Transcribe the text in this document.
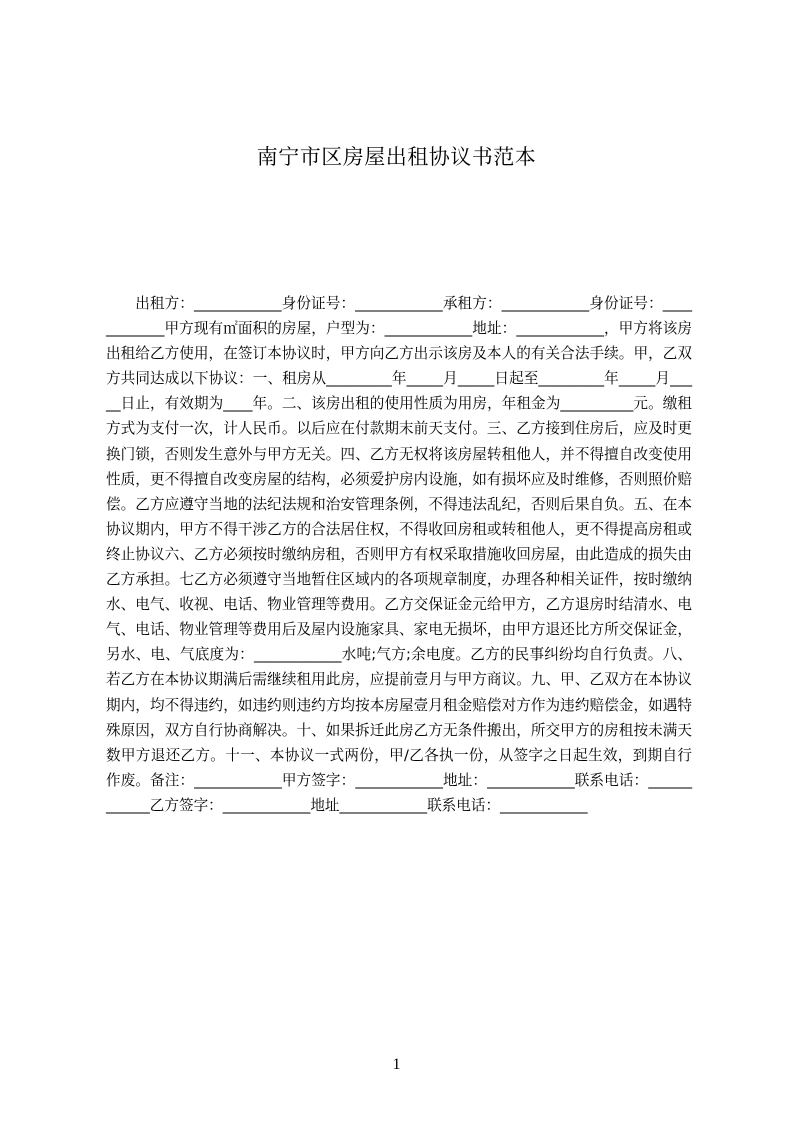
南宁市区房屋出租协议书范本

出租方：____________身份证号：____________承租方：____________身份证号：____________甲方现有㎡面积的房屋，户型为：____________地址：____________，甲方将该房出租给乙方使用，在签订本协议时，甲方向乙方出示该房及本人的有关合法手续。甲，乙双方共同达成以下协议：一、租房从_________年_____月_____日起至_________年_____月_____日止，有效期为____年。二、该房出租的使用性质为用房，年租金为__________元。缴租方式为支付一次，计人民币。以后应在付款期末前天支付。三、乙方接到住房后，应及时更换门锁，否则发生意外与甲方无关。四、乙方无权将该房屋转租他人，并不得擅自改变使用性质，更不得擅自改变房屋的结构，必须爱护房内设施，如有损坏应及时维修，否则照价赔偿。乙方应遵守当地的法纪法规和治安管理条例，不得违法乱纪，否则后果自负。五、在本协议期内，甲方不得干涉乙方的合法居住权，不得收回房租或转租他人，更不得提高房租或终止协议六、乙方必须按时缴纳房租，否则甲方有权采取措施收回房屋，由此造成的损失由乙方承担。七乙方必须遵守当地暂住区域内的各项规章制度，办理各种相关证件，按时缴纳水、电气、收视、电话、物业管理等费用。乙方交保证金元给甲方，乙方退房时结清水、电气、电话、物业管理等费用后及屋内设施家具、家电无损坏，由甲方退还比方所交保证金，另水、电、气底度为：____________水吨;气方;余电度。乙方的民事纠纷均自行负责。八、若乙方在本协议期满后需继续租用此房，应提前壹月与甲方商议。九、甲、乙双方在本协议期内，均不得违约，如违约则违约方均按本房屋壹月租金赔偿对方作为违约赔偿金，如遇特殊原因，双方自行协商解决。十、如果拆迁此房乙方无条件搬出，所交甲方的房租按未满天数甲方退还乙方。十一、本协议一式两份，甲/乙各执一份，从签字之日起生效，到期自行作废。备注：____________甲方签字：____________地址：____________联系电话：____________乙方签字：____________地址____________联系电话：____________

1
